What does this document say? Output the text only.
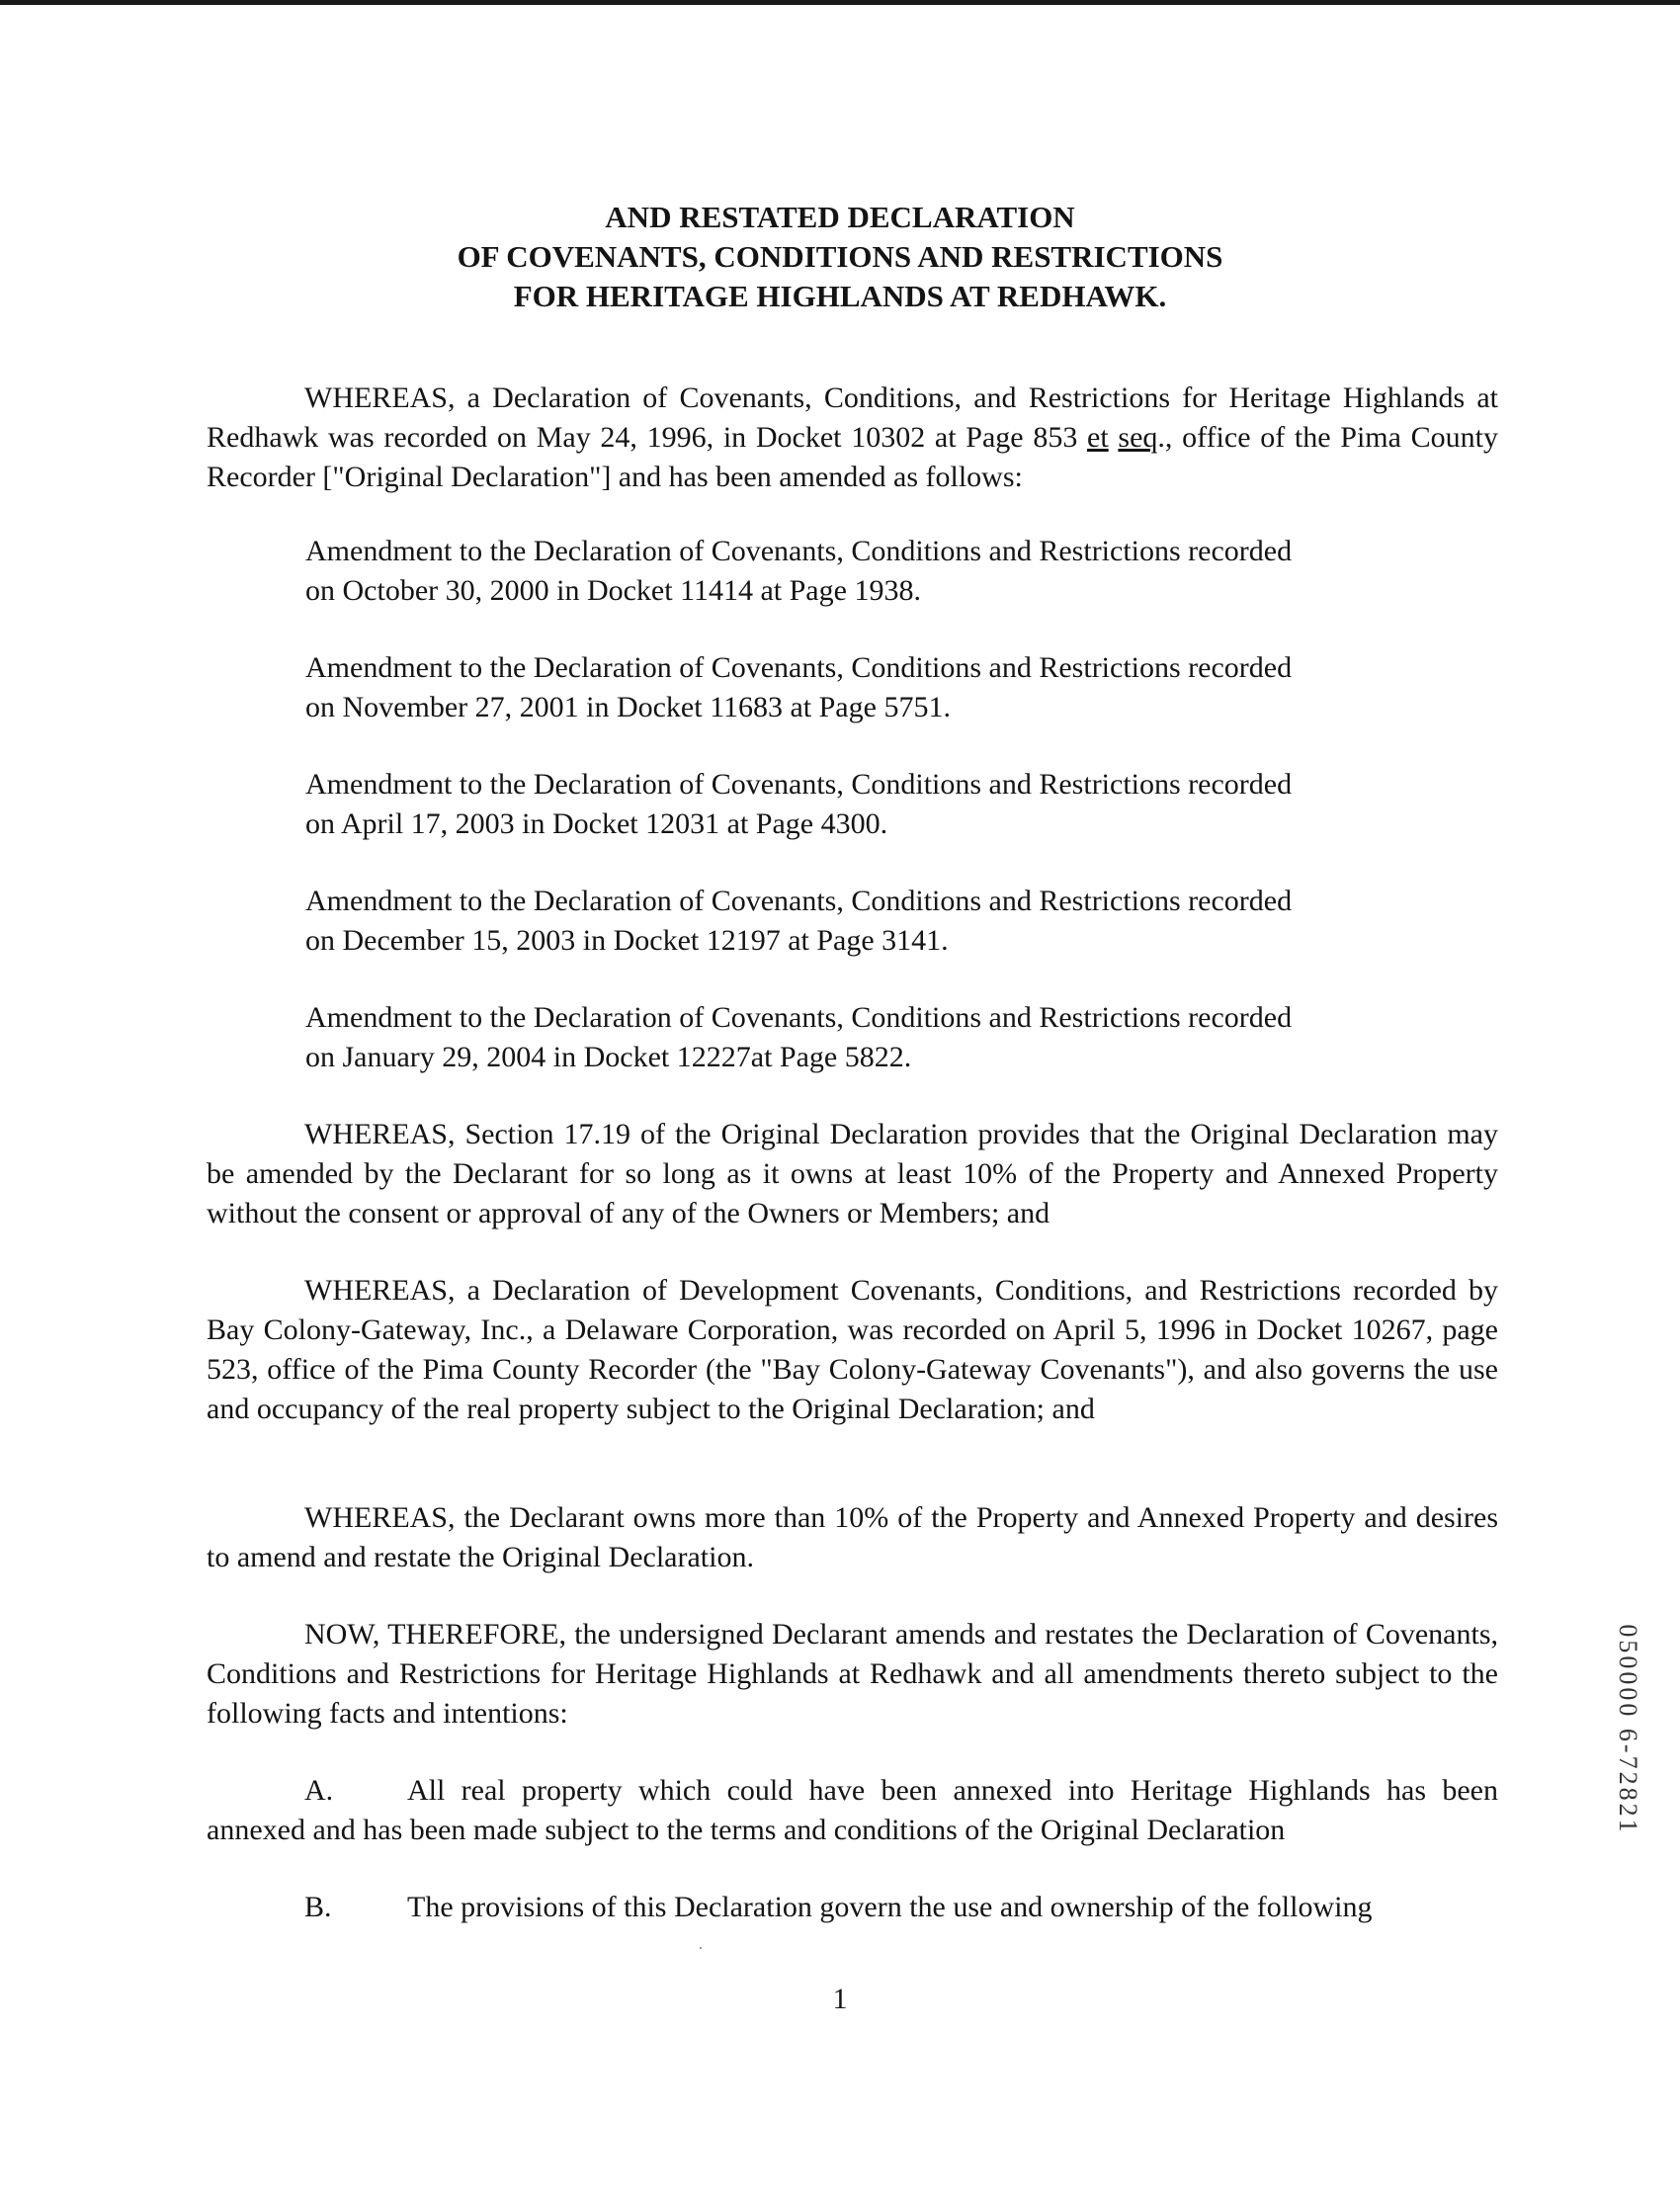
AND RESTATED DECLARATION
OF COVENANTS, CONDITIONS AND RESTRICTIONS
FOR HERITAGE HIGHLANDS AT REDHAWK.
WHEREAS, a Declaration of Covenants, Conditions, and Restrictions for Heritage Highlands at Redhawk was recorded on May 24, 1996, in Docket 10302 at Page 853 et seq., office of the Pima County Recorder ["Original Declaration"] and has been amended as follows:
Amendment to the Declaration of Covenants, Conditions and Restrictions recorded
on October 30, 2000 in Docket 11414 at Page 1938.
Amendment to the Declaration of Covenants, Conditions and Restrictions recorded
on November 27, 2001 in Docket 11683 at Page 5751.
Amendment to the Declaration of Covenants, Conditions and Restrictions recorded
on April 17, 2003 in Docket 12031 at Page 4300.
Amendment to the Declaration of Covenants, Conditions and Restrictions recorded
on December 15, 2003 in Docket 12197 at Page 3141.
Amendment to the Declaration of Covenants, Conditions and Restrictions recorded
on January 29, 2004 in Docket 12227at Page 5822.
WHEREAS, Section 17.19 of the Original Declaration provides that the Original Declaration may be amended by the Declarant for so long as it owns at least 10% of the Property and Annexed Property without the consent or approval of any of the Owners or Members; and
WHEREAS, a Declaration of Development Covenants, Conditions, and Restrictions recorded by Bay Colony-Gateway, Inc., a Delaware Corporation, was recorded on April 5, 1996 in Docket 10267, page 523, office of the Pima County Recorder (the "Bay Colony-Gateway Covenants"), and also governs the use and occupancy of the real property subject to the Original Declaration; and
WHEREAS, the Declarant owns more than 10% of the Property and Annexed Property and desires to amend and restate the Original Declaration.
NOW, THEREFORE, the undersigned Declarant amends and restates the Declaration of Covenants, Conditions and Restrictions for Heritage Highlands at Redhawk and all amendments thereto subject to the following facts and intentions:
A. All real property which could have been annexed into Heritage Highlands has been annexed and has been made subject to the terms and conditions of the Original Declaration
B.	The provisions of this Declaration govern the use and ownership of the following
1
050000 6-72821
